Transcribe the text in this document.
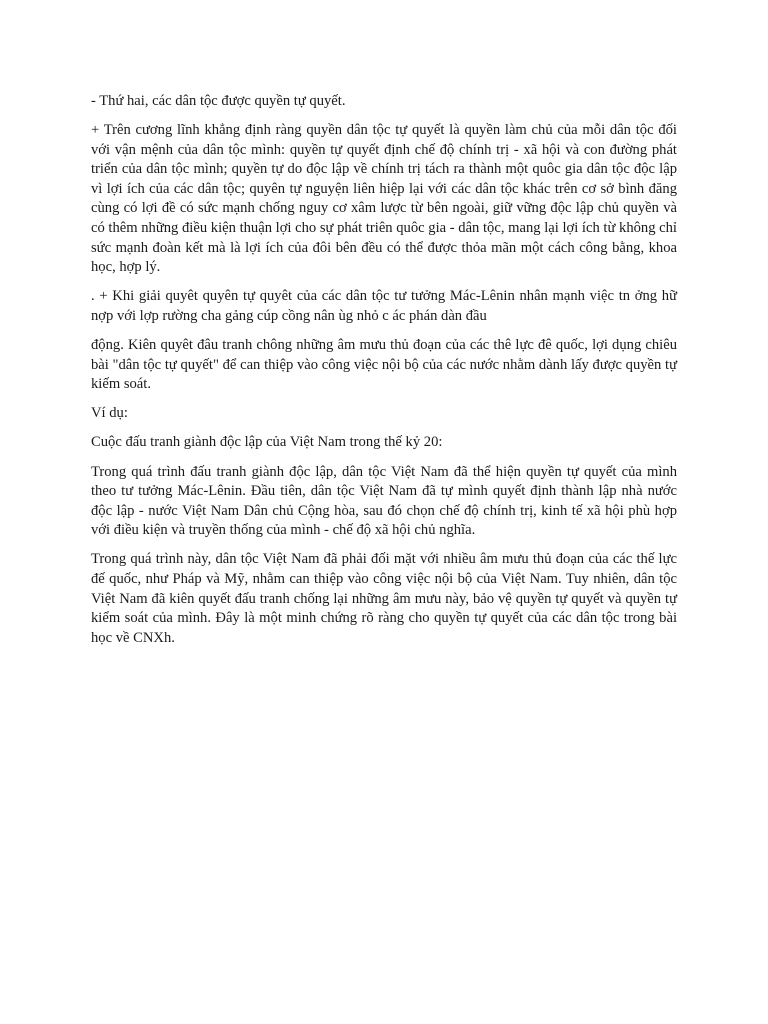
- Thứ hai, các dân tộc được quyền tự quyết.

+ Trên cương lĩnh khẳng định ràng quyền dân tộc tự quyết là quyền làm chủ của mỗi dân tộc đối với vận mệnh của dân tộc mình: quyền tự quyết định chế độ chính trị - xã hội và con đường phát triển của dân tộc mình; quyền tự do độc lập về chính trị tách ra thành một quôc gia dân tộc độc lập vì lợi ích của các dân tộc; quyên tự nguyện liên hiệp lại với các dân tộc khác trên cơ sở bình đăng cùng có lợi đề có sức mạnh chống nguy cơ xâm lược từ bên ngoài, giữ vững độc lập chủ quyền và có thêm những điều kiện thuận lợi cho sự phát triên quôc gia - dân tộc, mang lại lợi ích từ không chỉ sức mạnh đoàn kết mà là lợi ích của đôi bên đều có thể được thỏa mãn một cách công bằng, khoa học, hợp lý.

. + Khi giải quyêt quyên tự quyêt của các dân tộc tư tưởng Mác-Lênin nhân mạnh việc tn ởng hữ nợp với lợp rường cha gảng cúp cồng nân ùg nhỏ c ác phán dàn đầu

động. Kiên quyêt đâu tranh chông những âm mưu thủ đoạn của các thê lực đê quốc, lợi dụng chiêu bài "dân tộc tự quyết" để can thiệp vào công việc nội bộ của các nước nhằm dành lấy được quyền tự kiếm soát.

Ví dụ:

Cuộc đấu tranh giành độc lập của Việt Nam trong thế kỷ 20:

Trong quá trình đấu tranh giành độc lập, dân tộc Việt Nam đã thể hiện quyền tự quyết của mình theo tư tưởng Mác-Lênin. Đầu tiên, dân tộc Việt Nam đã tự mình quyết định thành lập nhà nước độc lập - nước Việt Nam Dân chủ Cộng hòa, sau đó chọn chế độ chính trị, kinh tế xã hội phù hợp với điều kiện và truyền thống của mình - chế độ xã hội chủ nghĩa.

Trong quá trình này, dân tộc Việt Nam đã phải đối mặt với nhiều âm mưu thủ đoạn của các thế lực đế quốc, như Pháp và Mỹ, nhằm can thiệp vào công việc nội bộ của Việt Nam. Tuy nhiên, dân tộc Việt Nam đã kiên quyết đấu tranh chống lại những âm mưu này, bảo vệ quyền tự quyết và quyền tự kiểm soát của mình. Đây là một minh chứng rõ ràng cho quyền tự quyết của các dân tộc trong bài học về CNXh.
